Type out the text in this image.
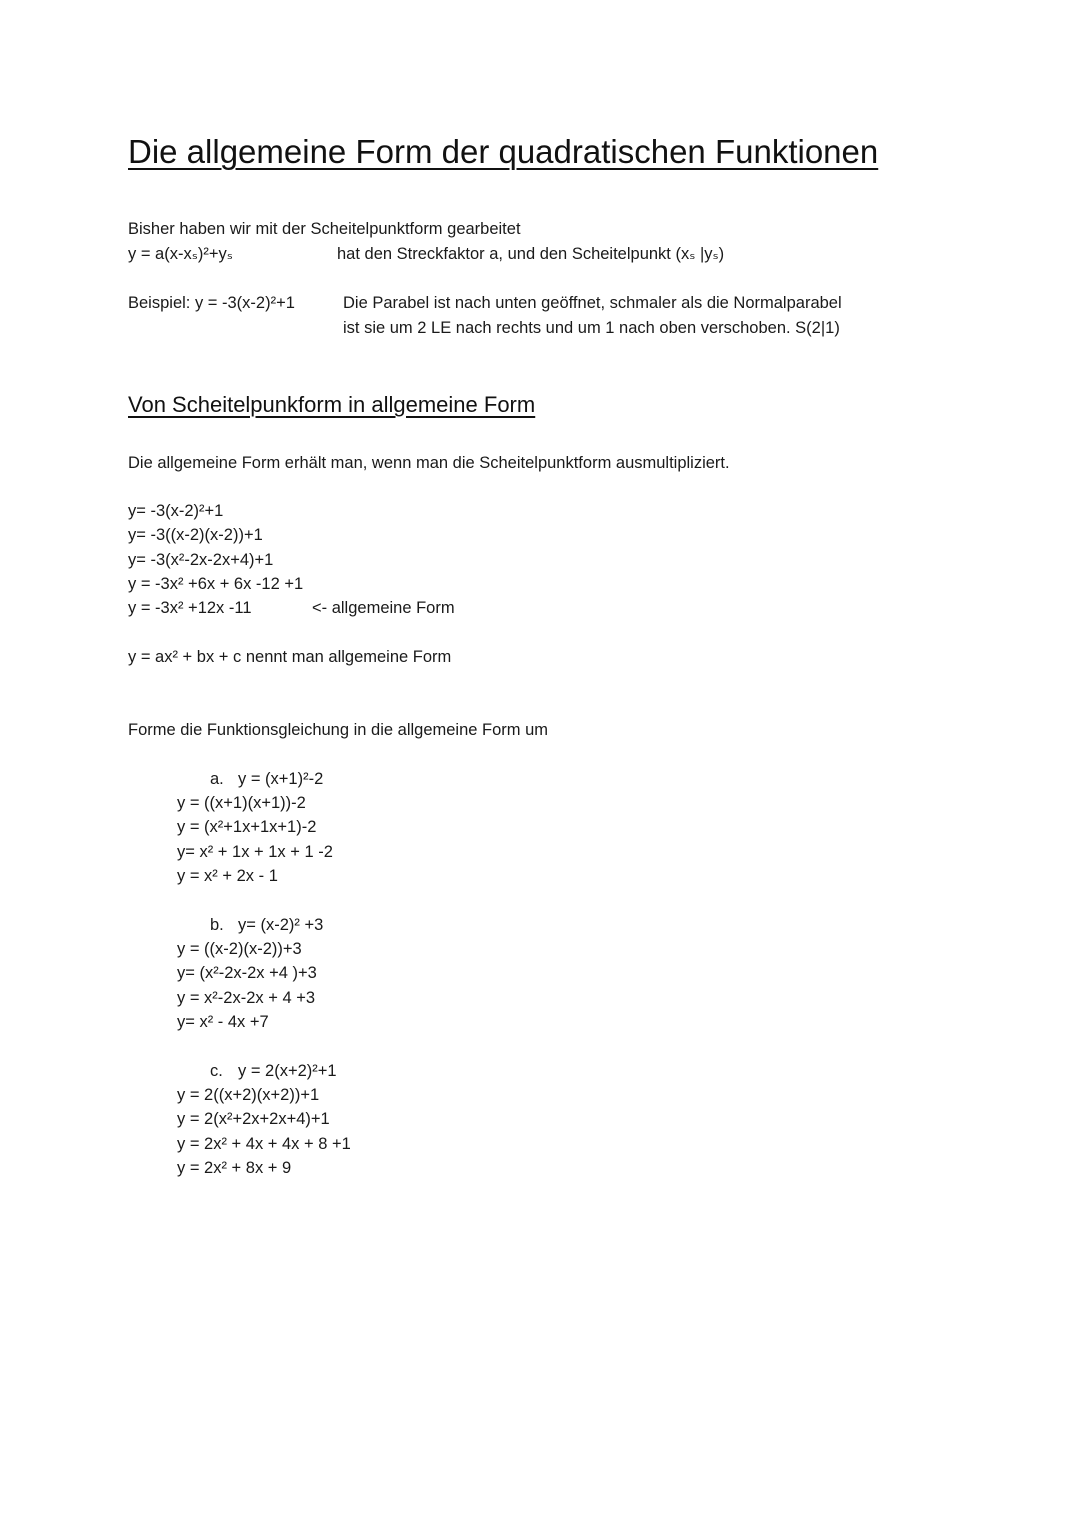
Die allgemeine Form der quadratischen Funktionen
Bisher haben wir mit der Scheitelpunktform gearbeitet
y = a(x-xₛ)²+yₛ	hat den Streckfaktor a, und den Scheitelpunkt (xₛ |yₛ)
Beispiel: y = -3(x-2)²+1	Die Parabel ist nach unten geöffnet, schmaler als die Normalparabel
ist sie um 2 LE nach rechts und um 1 nach oben verschoben. S(2|1)
Von Scheitelpunkform in allgemeine Form
Die allgemeine Form erhält man, wenn man die Scheitelpunktform ausmultipliziert.
y= -3(x-2)²+1
y= -3((x-2)(x-2))+1
y= -3(x²-2x-2x+4)+1
y = -3x² +6x + 6x -12 +1
y = -3x² +12x -11	<- allgemeine Form
y = ax² + bx + c nennt man allgemeine Form
Forme die Funktionsgleichung in die allgemeine Form um
a. y = (x+1)²-2
y = ((x+1)(x+1))-2
y = (x²+1x+1x+1)-2
y= x² + 1x + 1x + 1 -2
y = x² + 2x - 1
b. y= (x-2)² +3
y = ((x-2)(x-2))+3
y= (x²-2x-2x +4 )+3
y = x²-2x-2x + 4 +3
y= x² - 4x +7
c. y = 2(x+2)²+1
y = 2((x+2)(x+2))+1
y = 2(x²+2x+2x+4)+1
y = 2x² + 4x + 4x + 8 +1
y = 2x² + 8x + 9
